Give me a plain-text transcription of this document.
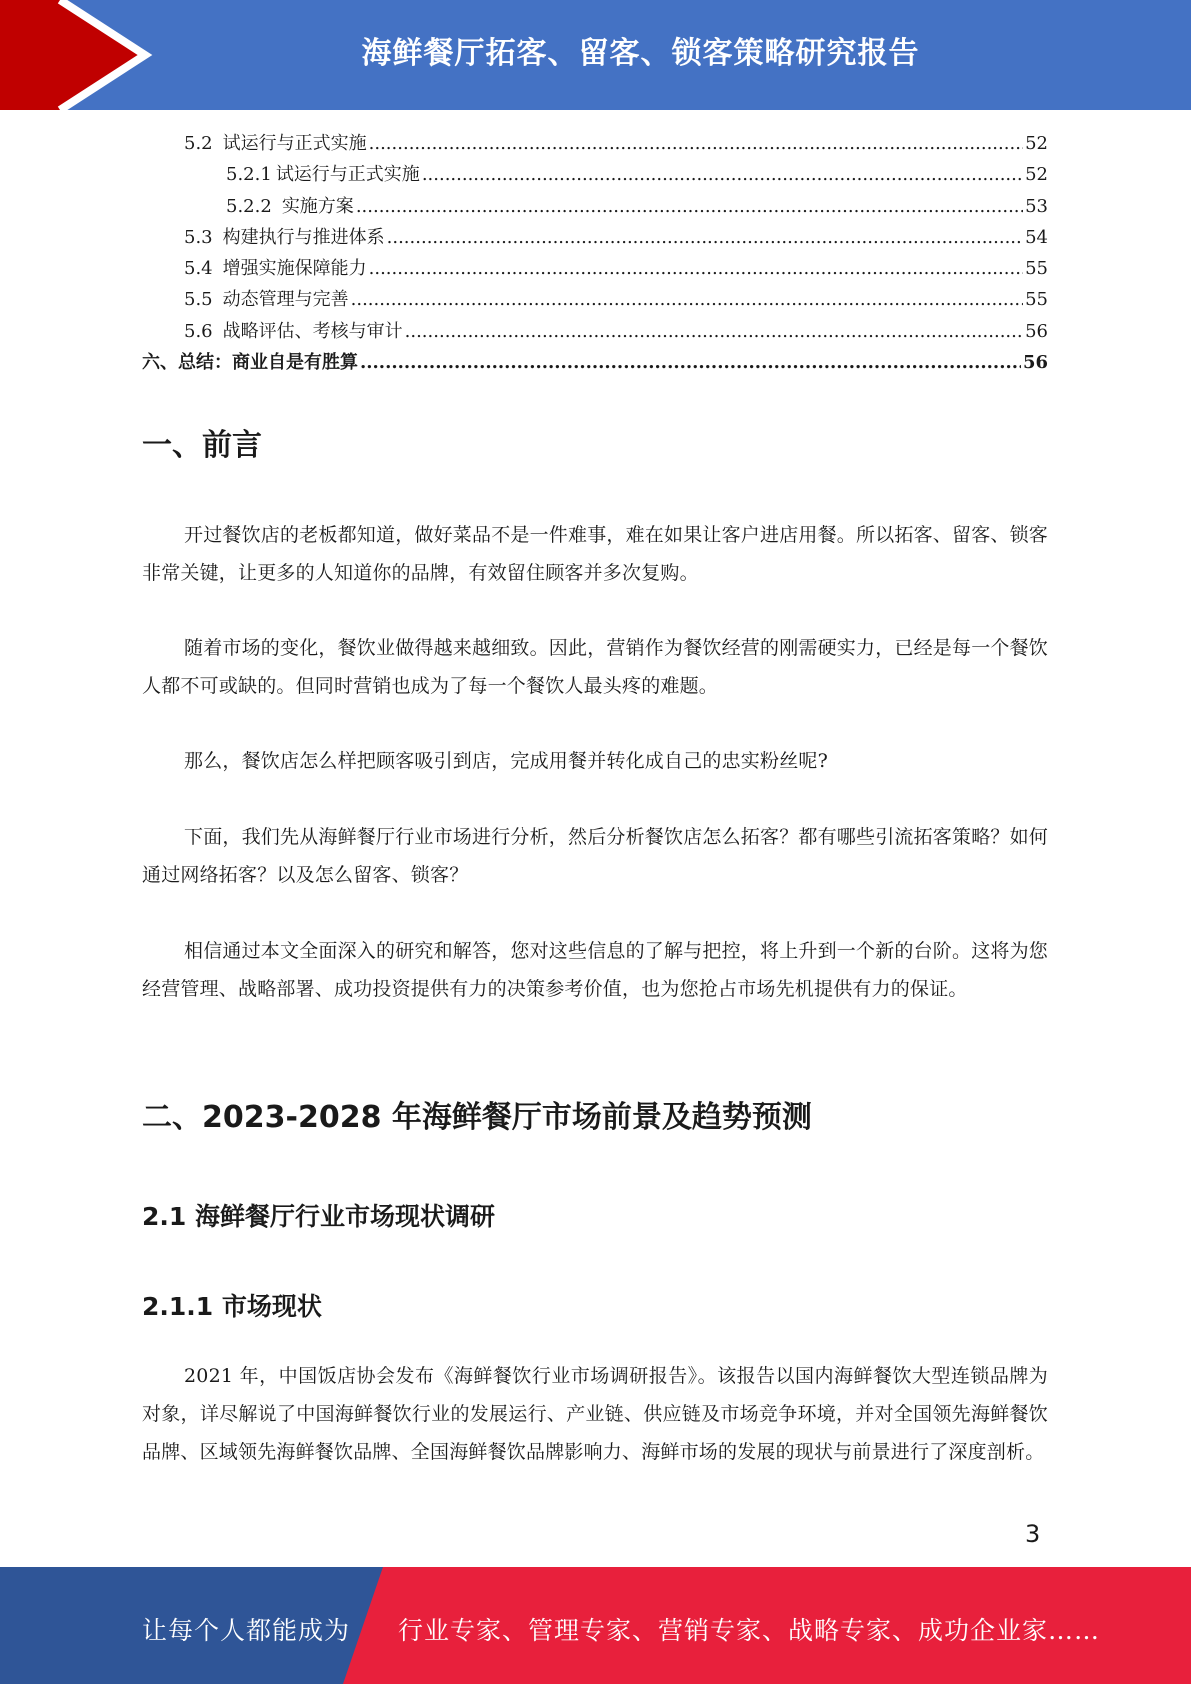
海鲜餐厅拓客、留客、锁客策略研究报告
5.2 试运行与正式实施 .....	52
5.2.1 试运行与正式实施 .....	52
5.2.2 实施方案 .....	53
5.3 构建执行与推进体系 .....	54
5.4 增强实施保障能力 .....	55
5.5 动态管理与完善 .....	55
5.6 战略评估、考核与审计 .....	56
六、总结：商业自是有胜算 .....	56
一、前言
开过餐饮店的老板都知道，做好菜品不是一件难事，难在如果让客户进店用餐。所以拓客、留客、锁客非常关键，让更多的人知道你的品牌，有效留住顾客并多次复购。
随着市场的变化，餐饮业做得越来越细致。因此，营销作为餐饮经营的刚需硬实力，已经是每一个餐饮人都不可或缺的。但同时营销也成为了每一个餐饮人最头疼的难题。
那么，餐饮店怎么样把顾客吸引到店，完成用餐并转化成自己的忠实粉丝呢?
下面，我们先从海鲜餐厅行业市场进行分析，然后分析餐饮店怎么拓客？都有哪些引流拓客策略？如何通过网络拓客？以及怎么留客、锁客？
相信通过本文全面深入的研究和解答，您对这些信息的了解与把控，将上升到一个新的台阶。这将为您经营管理、战略部署、成功投资提供有力的决策参考价值，也为您抢占市场先机提供有力的保证。
二、2023-2028 年海鲜餐厅市场前景及趋势预测
2.1 海鲜餐厅行业市场现状调研
2.1.1 市场现状
2021 年，中国饭店协会发布《海鲜餐饮行业市场调研报告》。该报告以国内海鲜餐饮大型连锁品牌为对象，详尽解说了中国海鲜餐饮行业的发展运行、产业链、供应链及市场竞争环境，并对全国领先海鲜餐饮品牌、区域领先海鲜餐饮品牌、全国海鲜餐饮品牌影响力、海鲜市场的发展的现状与前景进行了深度剖析。
3
让每个人都能成为 行业专家、管理专家、营销专家、战略专家、成功企业家……
